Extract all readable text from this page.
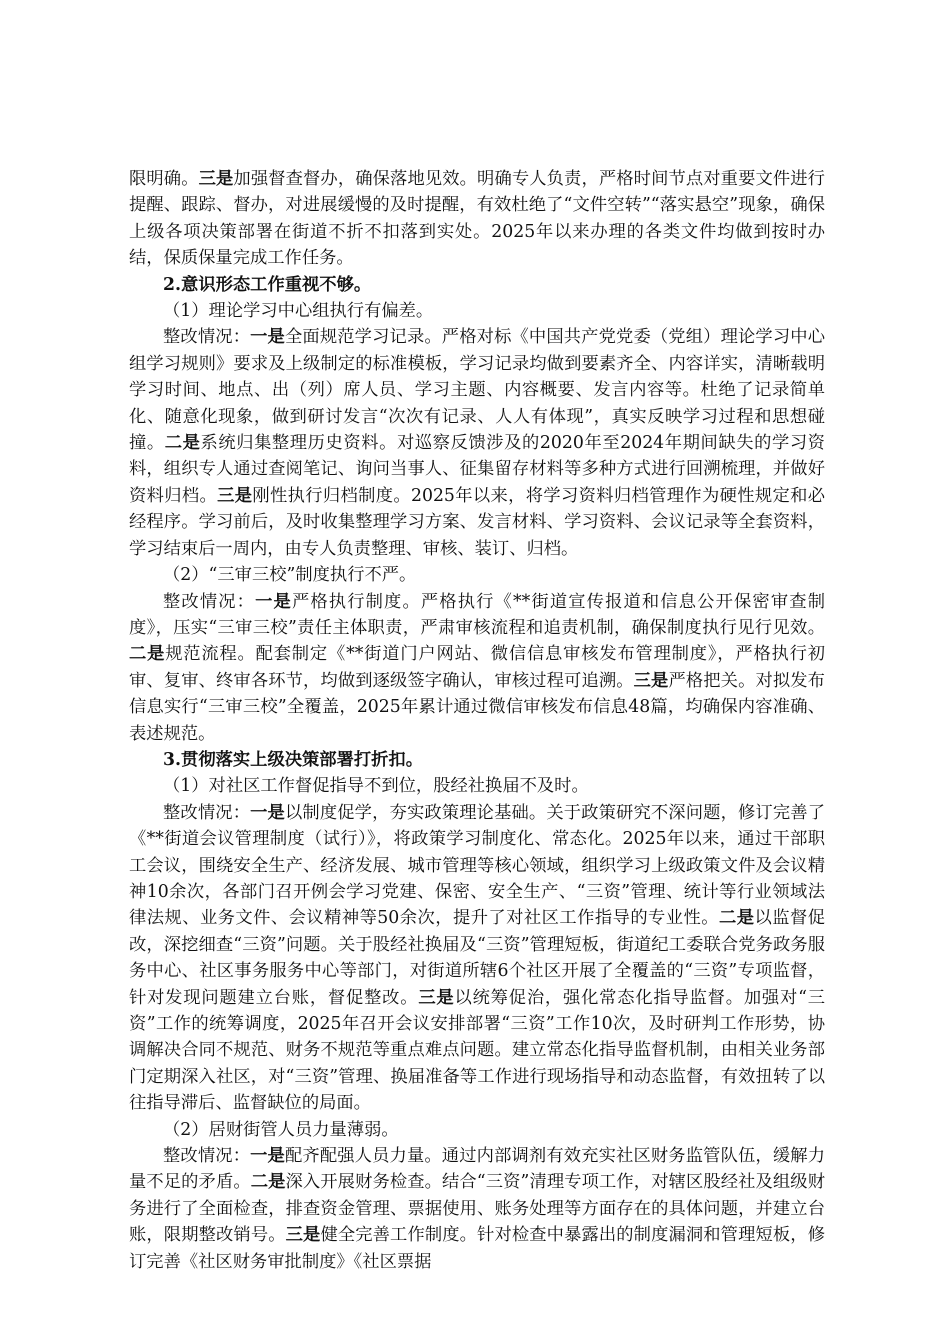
限明确。三是加强督查督办，确保落地见效。明确专人负责，严格时间节点对重要文件进行提醒、跟踪、督办，对进展缓慢的及时提醒，有效杜绝了“文件空转”“落实悬空”现象，确保上级各项决策部署在街道不折不扣落到实处。2025年以来办理的各类文件均做到按时办结，保质保量完成工作任务。

2.意识形态工作重视不够。

（1）理论学习中心组执行有偏差。

整改情况：一是全面规范学习记录。严格对标《中国共产党党委（党组）理论学习中心组学习规则》要求及上级制定的标准模板，学习记录均做到要素齐全、内容详实，清晰载明学习时间、地点、出（列）席人员、学习主题、内容概要、发言内容等。杜绝了记录简单化、随意化现象，做到研讨发言“次次有记录、人人有体现”，真实反映学习过程和思想碰撞。二是系统归集整理历史资料。对巡察反馈涉及的2020年至2024年期间缺失的学习资料，组织专人通过查阅笔记、询问当事人、征集留存材料等多种方式进行回溯梳理，并做好资料归档。三是刚性执行归档制度。2025年以来，将学习资料归档管理作为硬性规定和必经程序。学习前后，及时收集整理学习方案、发言材料、学习资料、会议记录等全套资料，学习结束后一周内，由专人负责整理、审核、装订、归档。

（2）“三审三校”制度执行不严。

整改情况：一是严格执行制度。严格执行《**街道宣传报道和信息公开保密审查制度》，压实“三审三校”责任主体职责，严肃审核流程和追责机制，确保制度执行见行见效。二是规范流程。配套制定《**街道门户网站、微信信息审核发布管理制度》，严格执行初审、复审、终审各环节，均做到逐级签字确认，审核过程可追溯。三是严格把关。对拟发布信息实行“三审三校”全覆盖，2025年累计通过微信审核发布信息48篇，均确保内容准确、表述规范。

3.贯彻落实上级决策部署打折扣。

（1）对社区工作督促指导不到位，股经社换届不及时。

整改情况：一是以制度促学，夯实政策理论基础。关于政策研究不深问题，修订完善了《**街道会议管理制度（试行）》，将政策学习制度化、常态化。2025年以来，通过干部职工会议，围绕安全生产、经济发展、城市管理等核心领域，组织学习上级政策文件及会议精神10余次，各部门召开例会学习党建、保密、安全生产、“三资”管理、统计等行业领域法律法规、业务文件、会议精神等50余次，提升了对社区工作指导的专业性。二是以监督促改，深挖细查“三资”问题。关于股经社换届及“三资”管理短板，街道纪工委联合党务政务服务中心、社区事务服务中心等部门，对街道所辖6个社区开展了全覆盖的“三资”专项监督，针对发现问题建立台账，督促整改。三是以统筹促治，强化常态化指导监督。加强对“三资”工作的统筹调度，2025年召开会议安排部署“三资”工作10次，及时研判工作形势，协调解决合同不规范、财务不规范等重点难点问题。建立常态化指导监督机制，由相关业务部门定期深入社区，对“三资”管理、换届准备等工作进行现场指导和动态监督，有效扭转了以往指导滞后、监督缺位的局面。

（2）居财街管人员力量薄弱。

整改情况：一是配齐配强人员力量。通过内部调剂有效充实社区财务监管队伍，缓解力量不足的矛盾。二是深入开展财务检查。结合“三资”清理专项工作，对辖区股经社及组级财务进行了全面检查，排查资金管理、票据使用、账务处理等方面存在的具体问题，并建立台账，限期整改销号。三是健全完善工作制度。针对检查中暴露出的制度漏洞和管理短板，修订完善《社区财务审批制度》《社区票据
